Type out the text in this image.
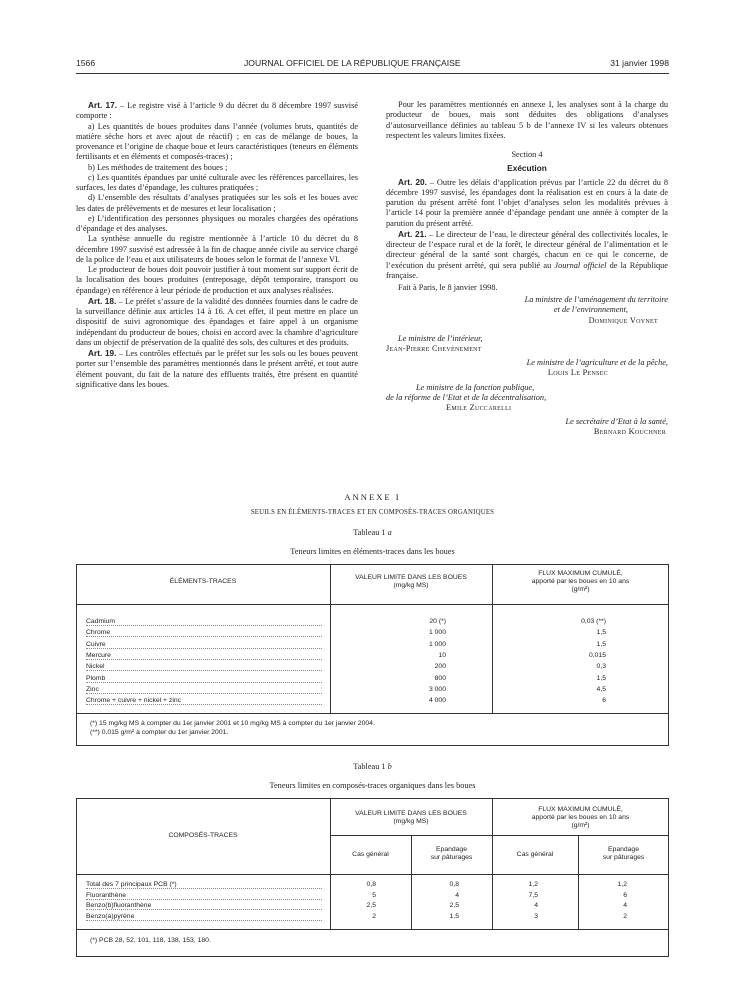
1566	JOURNAL OFFICIEL DE LA RÉPUBLIQUE FRANÇAISE	31 janvier 1998

Art. 17. – Le registre visé à l’article 9 du décret du 8 décembre 1997 susvisé comporte :

a) Les quantités de boues produites dans l’année (volumes bruts, quantités de matière sèche hors et avec ajout de réactif) ; en cas de mélange de boues, la provenance et l’origine de chaque boue et leurs caractéristiques (teneurs en éléments fertilisants et en éléments et composés-traces) ;

b) Les méthodes de traitement des boues ;

c) Les quantités épandues par unité culturale avec les références parcellaires, les surfaces, les dates d’épandage, les cultures pratiquées ;

d) L’ensemble des résultats d’analyses pratiquées sur les sols et les boues avec les dates de prélèvements et de mesures et leur localisation ;

e) L’identification des personnes physiques ou morales chargées des opérations d’épandage et des analyses.

La synthèse annuelle du registre mentionnée à l’article 10 du décret du 8 décembre 1997 susvisé est adressée à la fin de chaque année civile au service chargé de la police de l’eau et aux utilisateurs de boues selon le format de l’annexe VI.

Le producteur de boues doit pouvoir justifier à tout moment sur support écrit de la localisation des boues produites (entreposage, dépôt temporaire, transport ou épandage) en référence à leur période de production et aux analyses réalisées.

Art. 18. – Le préfet s’assure de la validité des données fournies dans le cadre de la surveillance définie aux articles 14 à 16. A cet effet, il peut mettre en place un dispositif de suivi agronomique des épandages et faire appel à un organisme indépendant du producteur de boues, choisi en accord avec la chambre d’agriculture dans un objectif de préservation de la qualité des sols, des cultures et des produits.

Art. 19. – Les contrôles effectués par le préfet sur les sols ou les boues peuvent porter sur l’ensemble des paramètres mentionnés dans le présent arrêté, et tout autre élément pouvant, du fait de la nature des effluents traités, être présent en quantité significative dans les boues.

Pour les paramètres mentionnés en annexe I, les analyses sont à la charge du producteur de boues, mais sont déduites des obligations d’analyses d’autosurveillance définies au tableau 5 b de l’annexe IV si les valeurs obtenues respectent les valeurs limites fixées.

Section 4

Exécution

Art. 20. – Outre les délais d’application prévus par l’article 22 du décret du 8 décembre 1997 susvisé, les épandages dont la réalisation est en cours à la date de parution du présent arrêté font l’objet d’analyses selon les modalités prévues à l’article 14 pour la première année d’épandage pendant une année à compter de la parution du présent arrêté.

Art. 21. – Le directeur de l’eau, le directeur général des collectivités locales, le directeur de l’espace rural et de la forêt, le directeur général de l’alimentation et le directeur général de la santé sont chargés, chacun en ce qui le concerne, de l’exécution du présent arrêté, qui sera publié au Journal officiel de la République française.

Fait à Paris, le 8 janvier 1998.

La ministre de l’aménagement du territoire
et de l’environnement,
Dominique Voynet
Le ministre de l’intérieur,
Jean-Pierre Chevènement
Le ministre de l’agriculture et de la pêche,
Louis Le Pensec
Le ministre de la fonction publique,
de la réforme de l’Etat et de la décentralisation,
Emile Zuccarelli
Le secrétaire d’Etat à la santé,
Bernard Kouchner
ANNEXE I
SEUILS EN ÉLÉMENTS-TRACES ET EN COMPOSÉS-TRACES ORGANIQUES
Tableau 1 a
Teneurs limites en éléments-traces dans les boues
ÉLÉMENTS-TRACES
VALEUR LIMITE DANS LES BOUES
(mg/kg MS)
FLUX MAXIMUM CUMULÉ,
apporté par les boues en 10 ans
(g/m²)
Cadmium	20 (*)	0,03 (**)
Chrome	1 000	1,5
Cuivre	1 000	1,5
Mercure	10	0,015
Nickel	200	0,3
Plomb	800	1,5
Zinc	3 000	4,5
Chrome + cuivre + nickel + zinc	4 000	6
(*) 15 mg/kg MS à compter du 1er janvier 2001 et 10 mg/kg MS à compter du 1er janvier 2004.
(**) 0,015 g/m² à compter du 1er janvier 2001.
Tableau 1 b
Teneurs limites en composés-traces organiques dans les boues
COMPOSÉS-TRACES
VALEUR LIMITE DANS LES BOUES
(mg/kg MS)
FLUX MAXIMUM CUMULÉ,
apporté par les boues en 10 ans
(g/m²)
Cas général
Epandage
sur pâturages	Cas général
Epandage
sur pâturages
Total des 7 principaux PCB (*)	0,8	0,8	1,2	1,2
Fluoranthène	5	4	7,5	6
Benzo(b)fluoranthène	2,5	2,5	4	4
Benzo(a)pyrène	2	1,5	3	2
(*) PCB 28, 52, 101, 118, 138, 153, 180.
